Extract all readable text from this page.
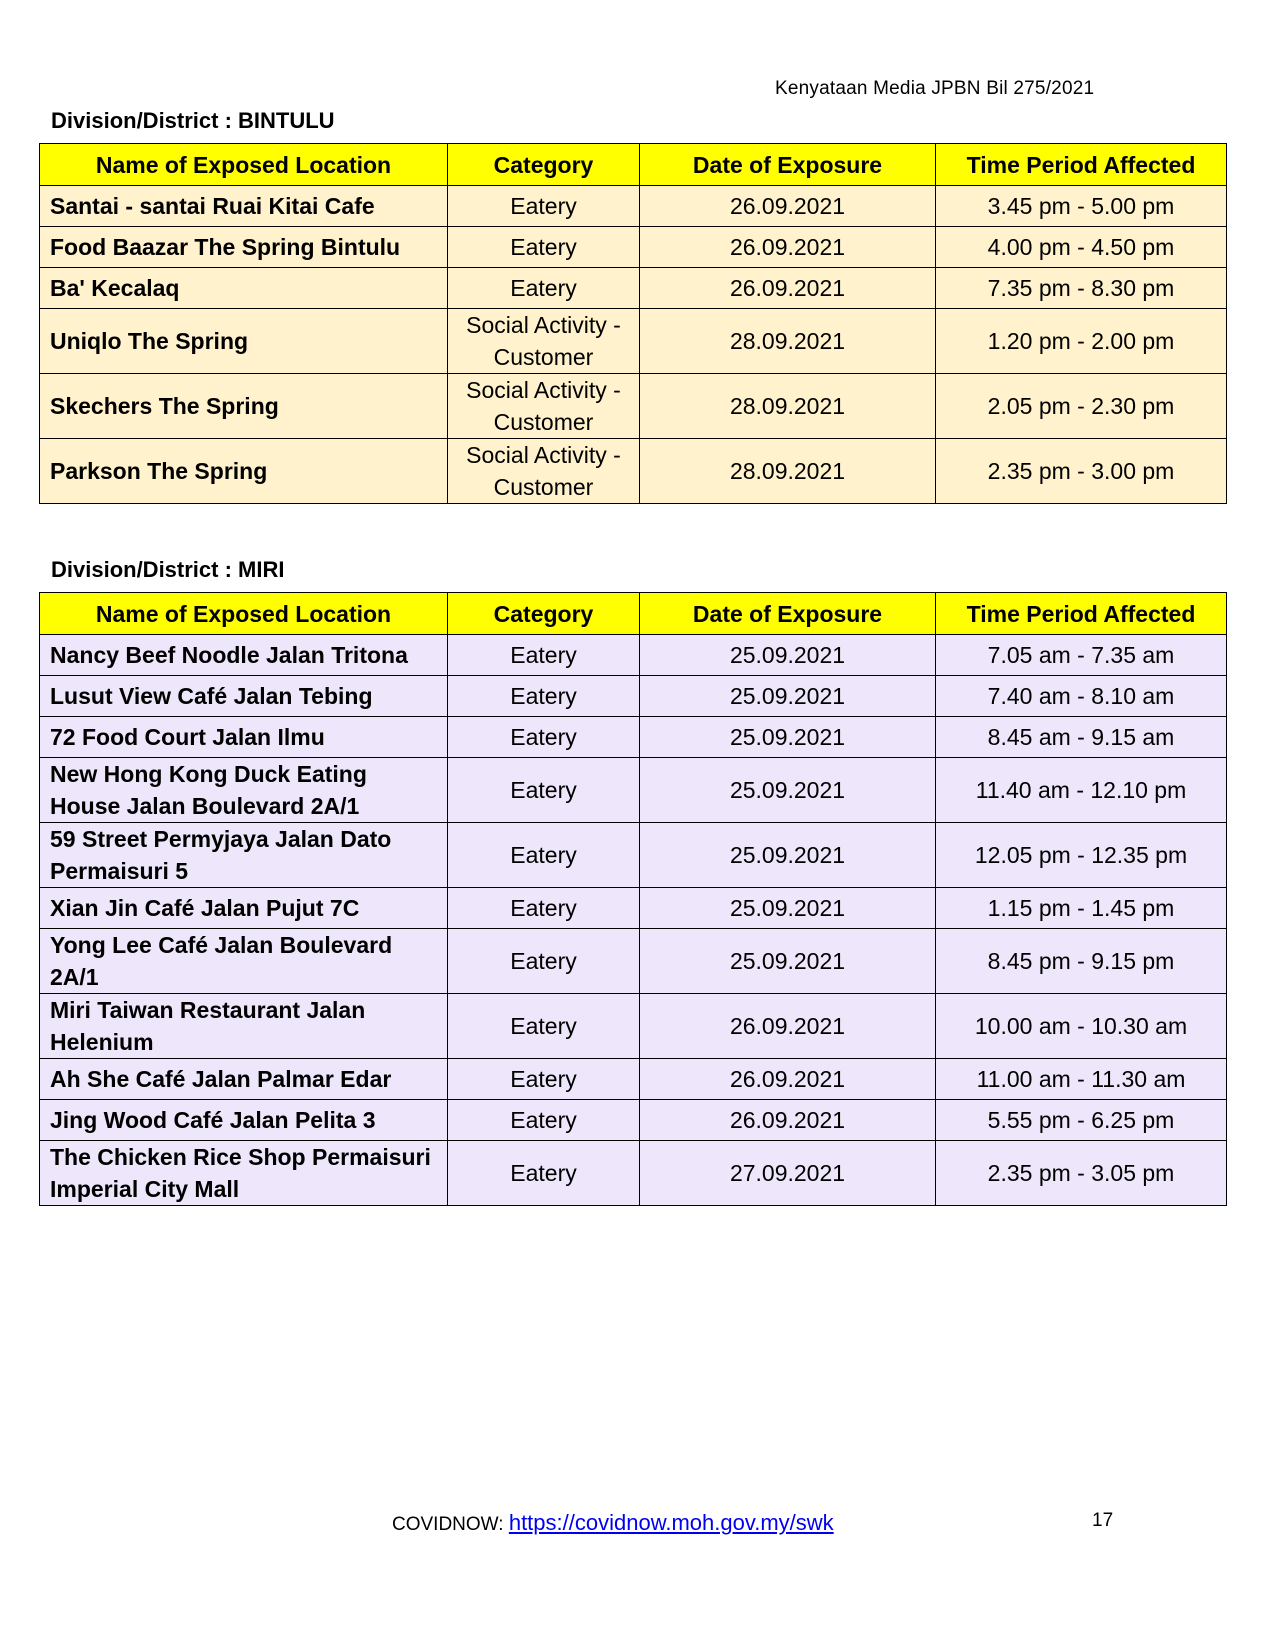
Kenyataan Media JPBN Bil 275/2021
Division/District : BINTULU
Name of Exposed Location	Category	Date of Exposure	Time Period Affected
Santai - santai Ruai Kitai Cafe	Eatery	26.09.2021	3.45 pm - 5.00 pm
Food Baazar The Spring Bintulu	Eatery	26.09.2021	4.00 pm - 4.50 pm
Ba' Kecalaq	Eatery	26.09.2021	7.35 pm - 8.30 pm
Uniqlo The Spring	Social Activity - Customer	28.09.2021	1.20 pm - 2.00 pm
Skechers The Spring	Social Activity - Customer	28.09.2021	2.05 pm - 2.30 pm
Parkson The Spring	Social Activity - Customer	28.09.2021	2.35 pm - 3.00 pm
Division/District : MIRI
Name of Exposed Location	Category	Date of Exposure	Time Period Affected
Nancy Beef Noodle Jalan Tritona	Eatery	25.09.2021	7.05 am - 7.35 am
Lusut View Café Jalan Tebing	Eatery	25.09.2021	7.40 am - 8.10 am
72 Food Court Jalan Ilmu	Eatery	25.09.2021	8.45 am - 9.15 am
New Hong Kong Duck Eating House Jalan Boulevard 2A/1	Eatery	25.09.2021	11.40 am - 12.10 pm
59 Street Permyjaya Jalan Dato Permaisuri 5	Eatery	25.09.2021	12.05 pm - 12.35 pm
Xian Jin Café Jalan Pujut 7C	Eatery	25.09.2021	1.15 pm - 1.45 pm
Yong Lee Café Jalan Boulevard 2A/1	Eatery	25.09.2021	8.45 pm - 9.15 pm
Miri Taiwan Restaurant Jalan Helenium	Eatery	26.09.2021	10.00 am - 10.30 am
Ah She Café Jalan Palmar Edar	Eatery	26.09.2021	11.00 am - 11.30 am
Jing Wood Café Jalan Pelita 3	Eatery	26.09.2021	5.55 pm - 6.25 pm
The Chicken Rice Shop Permaisuri Imperial City Mall	Eatery	27.09.2021	2.35 pm - 3.05 pm
COVIDNOW: https://covidnow.moh.gov.my/swk	17
